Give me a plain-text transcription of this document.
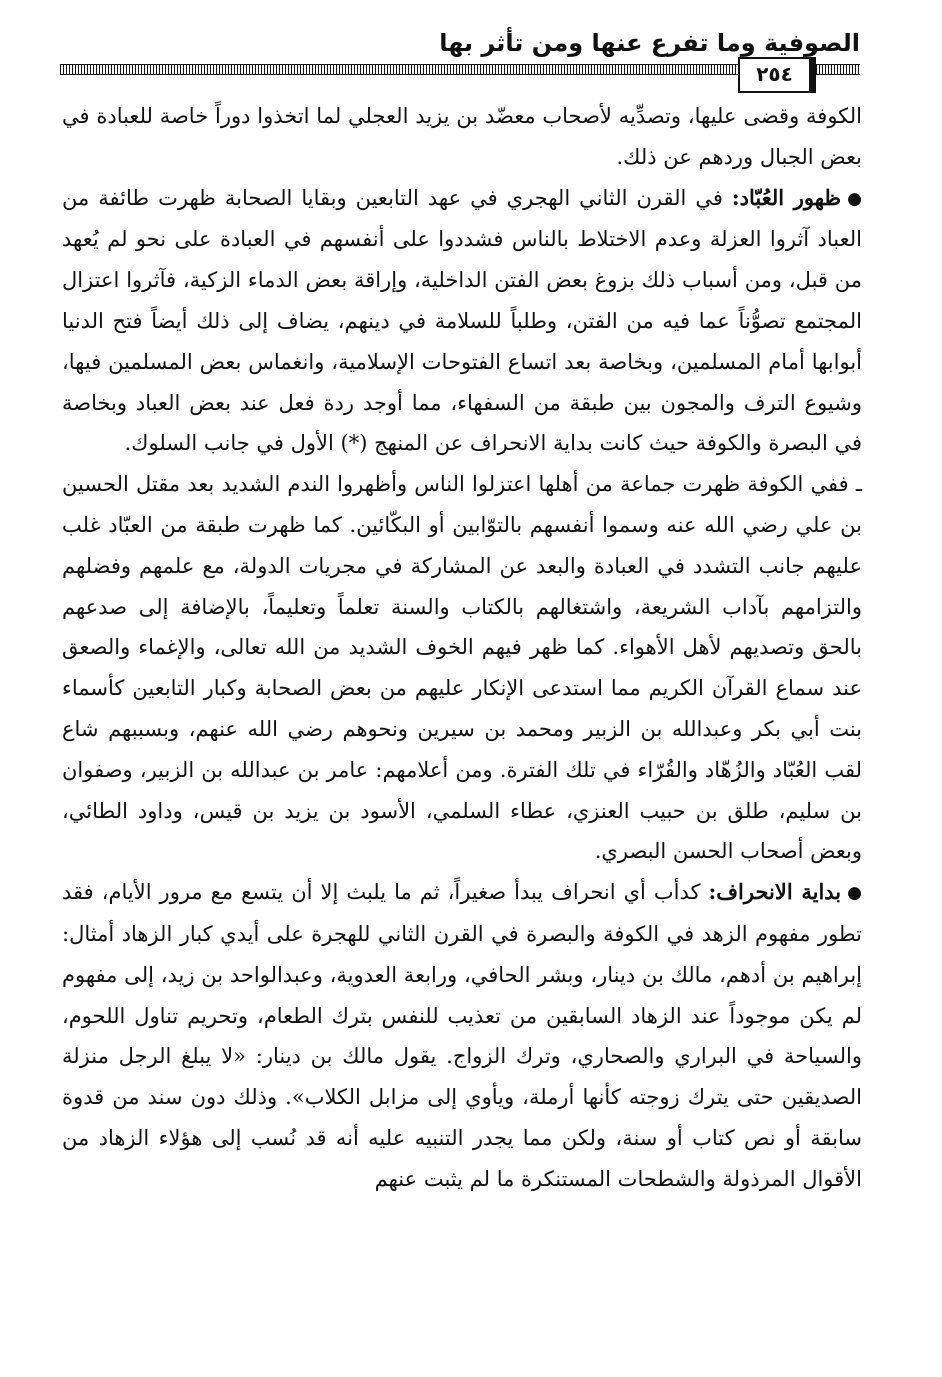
الصوفية وما تفرع عنها ومن تأثر بها
٢٥٤

الكوفة وقضى عليها، وتصدِّيه لأصحاب معضّد بن يزيد العجلي لما اتخذوا دوراً خاصة للعبادة في بعض الجبال وردهم عن ذلك.

●ظهور العُبّاد: في القرن الثاني الهجري في عهد التابعين وبقايا الصحابة ظهرت طائفة من العباد آثروا العزلة وعدم الاختلاط بالناس فشددوا على أنفسهم في العبادة على نحو لم يُعهد من قبل، ومن أسباب ذلك بزوغ بعض الفتن الداخلية، وإراقة بعض الدماء الزكية، فآثروا اعتزال المجتمع تصوُّناً عما فيه من الفتن، وطلباً للسلامة في دينهم، يضاف إلى ذلك أيضاً فتح الدنيا أبوابها أمام المسلمين، وبخاصة بعد اتساع الفتوحات الإسلامية، وانغماس بعض المسلمين فيها، وشيوع الترف والمجون بين طبقة من السفهاء، مما أوجد ردة فعل عند بعض العباد وبخاصة في البصرة والكوفة حيث كانت بداية الانحراف عن المنهج (*) الأول في جانب السلوك.

ـ ففي الكوفة ظهرت جماعة من أهلها اعتزلوا الناس وأظهروا الندم الشديد بعد مقتل الحسين بن علي رضي الله عنه وسموا أنفسهم بالتوّابين أو البكّائين. كما ظهرت طبقة من العبّاد غلب عليهم جانب التشدد في العبادة والبعد عن المشاركة في مجريات الدولة، مع علمهم وفضلهم والتزامهم بآداب الشريعة، واشتغالهم بالكتاب والسنة تعلماً وتعليماً، بالإضافة إلى صدعهم بالحق وتصديهم لأهل الأهواء. كما ظهر فيهم الخوف الشديد من الله تعالى، والإغماء والصعق عند سماع القرآن الكريم مما استدعى الإنكار عليهم من بعض الصحابة وكبار التابعين كأسماء بنت أبي بكر وعبدالله بن الزبير ومحمد بن سيرين ونحوهم رضي الله عنهم، وبسببهم شاع لقب العُبّاد والزُهّاد والقُرّاء في تلك الفترة. ومن أعلامهم: عامر بن عبدالله بن الزبير، وصفوان بن سليم، طلق بن حبيب العنزي، عطاء السلمي، الأسود بن يزيد بن قيس، وداود الطائي، وبعض أصحاب الحسن البصري.

●بداية الانحراف: كدأب أي انحراف يبدأ صغيراً، ثم ما يلبث إلا أن يتسع مع مرور الأيام، فقد تطور مفهوم الزهد في الكوفة والبصرة في القرن الثاني للهجرة على أيدي كبار الزهاد أمثال: إبراهيم بن أدهم، مالك بن دينار، وبشر الحافي، ورابعة العدوية، وعبدالواحد بن زيد، إلى مفهوم لم يكن موجوداً عند الزهاد السابقين من تعذيب للنفس بترك الطعام، وتحريم تناول اللحوم، والسياحة في البراري والصحاري، وترك الزواج. يقول مالك بن دينار: «لا يبلغ الرجل منزلة الصديقين حتى يترك زوجته كأنها أرملة، ويأوي إلى مزابل الكلاب». وذلك دون سند من قدوة سابقة أو نص كتاب أو سنة، ولكن مما يجدر التنبيه عليه أنه قد نُسب إلى هؤلاء الزهاد من الأقوال المرذولة والشطحات المستنكرة ما لم يثبت عنهم
